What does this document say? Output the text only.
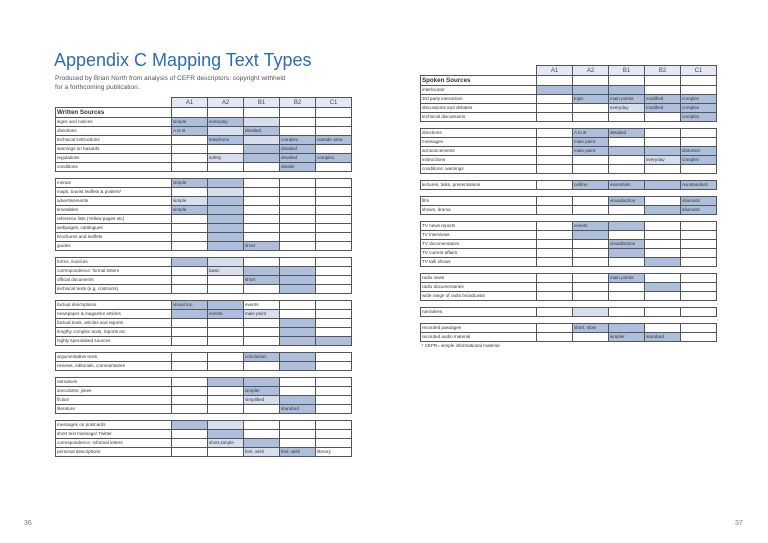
Appendix C Mapping Text Types
Produced by Brian North from analysis of CEFR descriptors: copyright withheld
for a forthcoming publication.
	A1	A2	B1	B2	C1
Written Sources					
signs and notices	simple	everyday			
directions	A to B		detailed		
technical instructions		telephone		complex	outside area
warnings on hazards				detailed	
regulations		safety		detailed	complex
conditions				details	

menus	simple				
maps, tourist leaflets & posters*					
advertisements	simple				
timetables	simple				
reference lists (Yellow pages etc)					
webpages, catalogues					
brochures and leaflets					
guides			short		

forms, invoices					
correspondence: formal letters		basic			
official documents			short		
technical texts (e.g. contracts)					

factual descriptions	visual too		events		
newspaper & magazine articles		events	main point		
factual texts, articles and reports					
lengthy complex texts, reports etc					
highly specialised sources					

argumentative texts			conclusion		
reviews, editorials, commentaries					

narratives					
anecdotes, jokes			simpler		
fiction			simplified		
literature				standard	

messages on postcards					
short text message/ Twitter					
correspondence: informal letters		short,simple			
personal descriptions			feel, wish	feel, wish	literary
	A1	A2	B1	B2	C1
Spoken Sources					
interlocutor					
3rd party interaction		topic	main points	modified	complex
discussions and debates			everyday	modified	complex
technical discussions					complex

directions		A to B	detailed		
messages		main point			
announcements		main point			distorted
instructions				everyday	complex
conditions, warnings					

lectures, talks, presentations		outline	essentials		nonstandard

film			visual/action		idiomatic
shows, drama					idiomatic

TV news reports		events			
TV interviews					
TV documentaries			visual/action		
TV current affairs					
TV talk shows					

radio news			main points		
radio documentaries					
wide range of radio broadcasts					

narratives					

recorded passages		short, slow			
recorded audio material			simpler	standard	
* CEFR= simple informational material					
36	37
